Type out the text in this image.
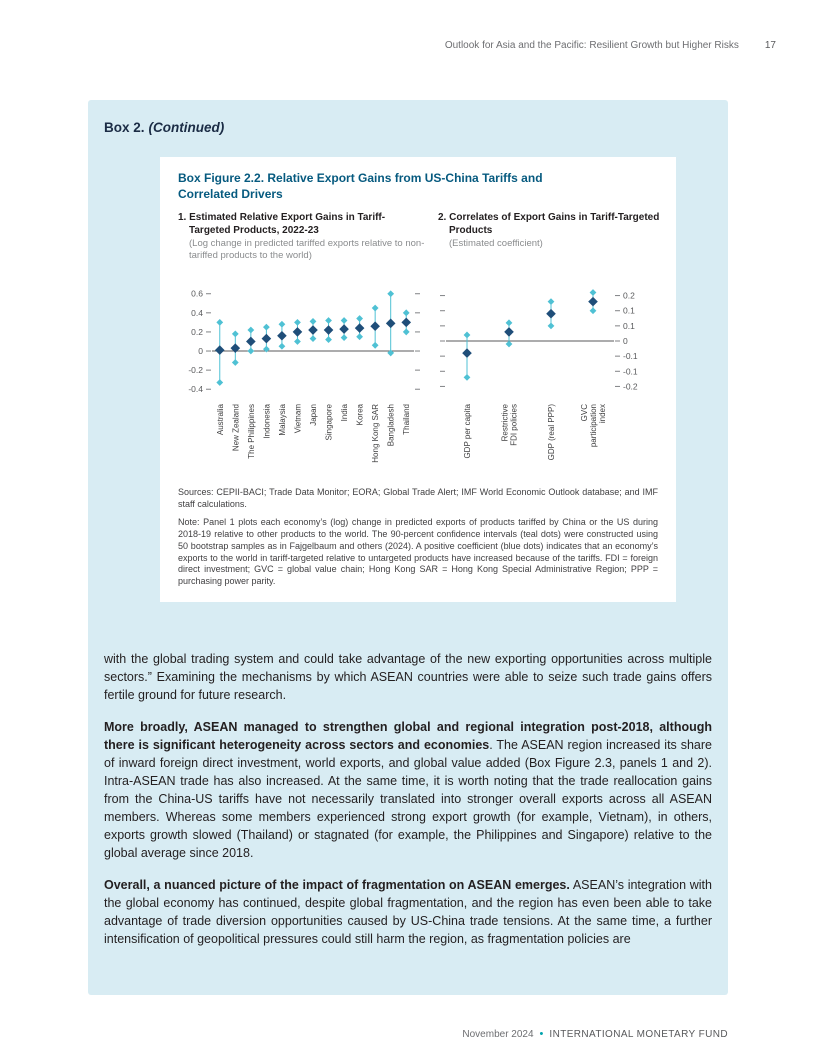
Outlook for Asia and the Pacific: Resilient Growth but Higher Risks	17
Box 2. (Continued)
Box Figure 2.2. Relative Export Gains from US-China Tariffs and Correlated Drivers
1. Estimated Relative Export Gains in Tariff-Targeted Products, 2022-23
(Log change in predicted tariffed exports relative to non-tariffed products to the world)
0.6
0.4
0.2
0
-0.2
-0.4
Australia New Zealand The Philippines Indonesia Malaysia Vietnam Japan Singapore India Korea Hong Kong SAR Bangladesh Thailand
2. Correlates of Export Gains in Tariff-Targeted Products
(Estimated coefficient)
0.2
0.1
0.1
0
-0.1
-0.1
-0.2
GDP per capita	Restrictive FDI policies	GDP (real PPP)	GVC participation index
Sources: CEPII-BACI; Trade Data Monitor; EORA; Global Trade Alert; IMF World Economic Outlook database; and IMF staff calculations.
Note: Panel 1 plots each economy’s (log) change in predicted exports of products tariffed by China or the US during 2018-19 relative to other products to the world. The 90-percent confidence intervals (teal dots) were constructed using 50 bootstrap samples as in Fajgelbaum and others (2024). A positive coefficient (blue dots) indicates that an economy’s exports to the world in tariff-targeted relative to untargeted products have increased because of the tariffs. FDI = foreign direct investment; GVC = global value chain; Hong Kong SAR = Hong Kong Special Administrative Region; PPP = purchasing power parity.

with the global trading system and could take advantage of the new exporting opportunities across multiple sectors.” Examining the mechanisms by which ASEAN countries were able to seize such trade gains offers fertile ground for future research.

More broadly, ASEAN managed to strengthen global and regional integration post-2018, although there is significant heterogeneity across sectors and economies. The ASEAN region increased its share of inward foreign direct investment, world exports, and global value added (Box Figure 2.3, panels 1 and 2). Intra-ASEAN trade has also increased. At the same time, it is worth noting that the trade reallocation gains from the China-US tariffs have not necessarily translated into stronger overall exports across all ASEAN members. Whereas some members experienced strong export growth (for example, Vietnam), in others, exports growth slowed (Thailand) or stagnated (for example, the Philippines and Singapore) relative to the global average since 2018.

Overall, a nuanced picture of the impact of fragmentation on ASEAN emerges. ASEAN’s integration with the global economy has continued, despite global fragmentation, and the region has even been able to take advantage of trade diversion opportunities caused by US-China trade tensions. At the same time, a further intensification of geopolitical pressures could still harm the region, as fragmentation policies are

November 2024 • INTERNATIONAL MONETARY FUND
